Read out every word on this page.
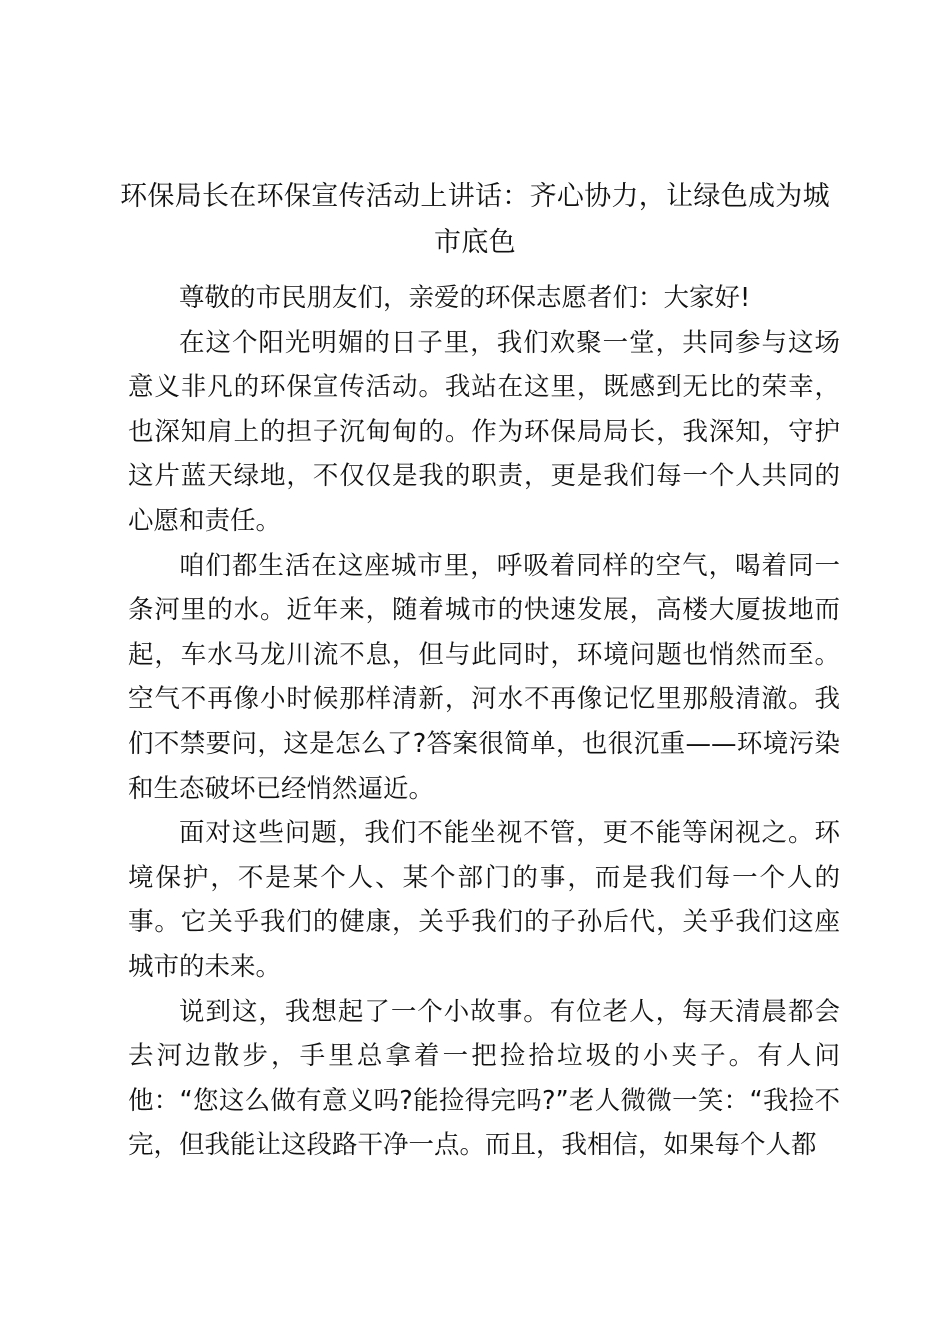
环保局长在环保宣传活动上讲话：齐心协力，让绿色成为城市底色

尊敬的市民朋友们，亲爱的环保志愿者们：大家好!

在这个阳光明媚的日子里，我们欢聚一堂，共同参与这场意义非凡的环保宣传活动。我站在这里，既感到无比的荣幸，也深知肩上的担子沉甸甸的。作为环保局局长，我深知，守护这片蓝天绿地，不仅仅是我的职责，更是我们每一个人共同的心愿和责任。

咱们都生活在这座城市里，呼吸着同样的空气，喝着同一条河里的水。近年来，随着城市的快速发展，高楼大厦拔地而起，车水马龙川流不息，但与此同时，环境问题也悄然而至。空气不再像小时候那样清新，河水不再像记忆里那般清澈。我们不禁要问，这是怎么了?答案很简单，也很沉重——环境污染和生态破坏已经悄然逼近。

面对这些问题，我们不能坐视不管，更不能等闲视之。环境保护，不是某个人、某个部门的事，而是我们每一个人的事。它关乎我们的健康，关乎我们的子孙后代，关乎我们这座城市的未来。

说到这，我想起了一个小故事。有位老人，每天清晨都会去河边散步，手里总拿着一把捡拾垃圾的小夹子。有人问他：“您这么做有意义吗?能捡得完吗?”老人微微一笑：“我捡不完，但我能让这段路干净一点。而且，我相信，如果每个人都
